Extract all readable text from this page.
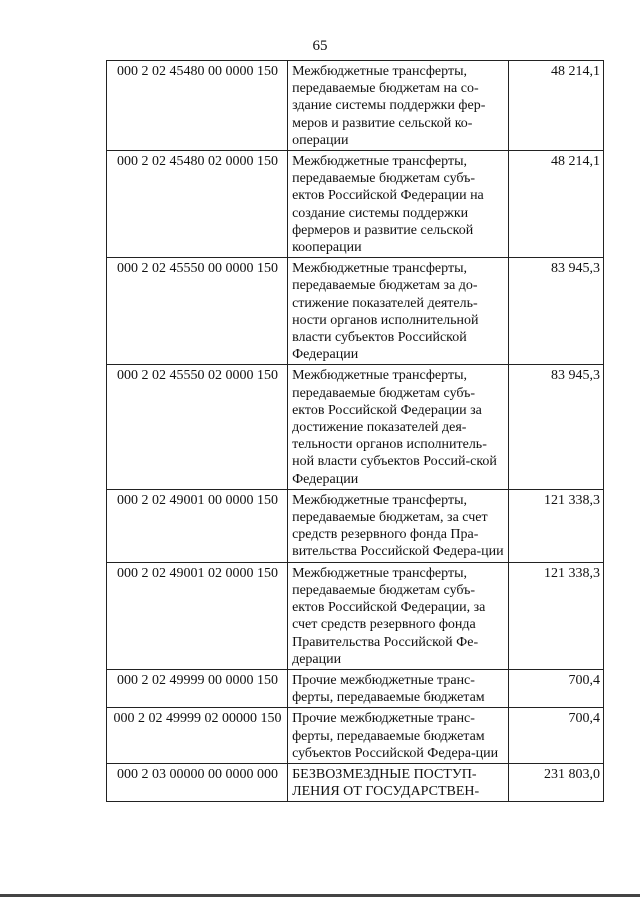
65
000 2 02 45480 00 0000 150	Межбюджетные трансферты, передаваемые бюджетам на со-здание системы поддержки фер-меров и развитие сельской ко-операции	48 214,1
000 2 02 45480 02 0000 150	Межбюджетные трансферты, передаваемые бюджетам субъ-ектов Российской Федерации на создание системы поддержки фермеров и развитие сельской кооперации	48 214,1
000 2 02 45550 00 0000 150	Межбюджетные трансферты, передаваемые бюджетам за до-стижение показателей деятель-ности органов исполнительной власти субъектов Российской Федерации	83 945,3
000 2 02 45550 02 0000 150	Межбюджетные трансферты, передаваемые бюджетам субъ-ектов Российской Федерации за достижение показателей дея-тельности органов исполнитель-ной власти субъектов Россий-ской Федерации	83 945,3
000 2 02 49001 00 0000 150	Межбюджетные трансферты, передаваемые бюджетам, за счет средств резервного фонда Пра-вительства Российской Федера-ции	121 338,3
000 2 02 49001 02 0000 150	Межбюджетные трансферты, передаваемые бюджетам субъ-ектов Российской Федерации, за счет средств резервного фонда Правительства Российской Фе-дерации	121 338,3
000 2 02 49999 00 0000 150	Прочие межбюджетные транс-ферты, передаваемые бюджетам	700,4
000 2 02 49999 02 00000 150	Прочие межбюджетные транс-ферты, передаваемые бюджетам субъектов Российской Федера-ции	700,4
000 2 03 00000 00 0000 000	БЕЗВОЗМЕЗДНЫЕ ПОСТУП-ЛЕНИЯ ОТ ГОСУДАРСТВЕН-	231 803,0
